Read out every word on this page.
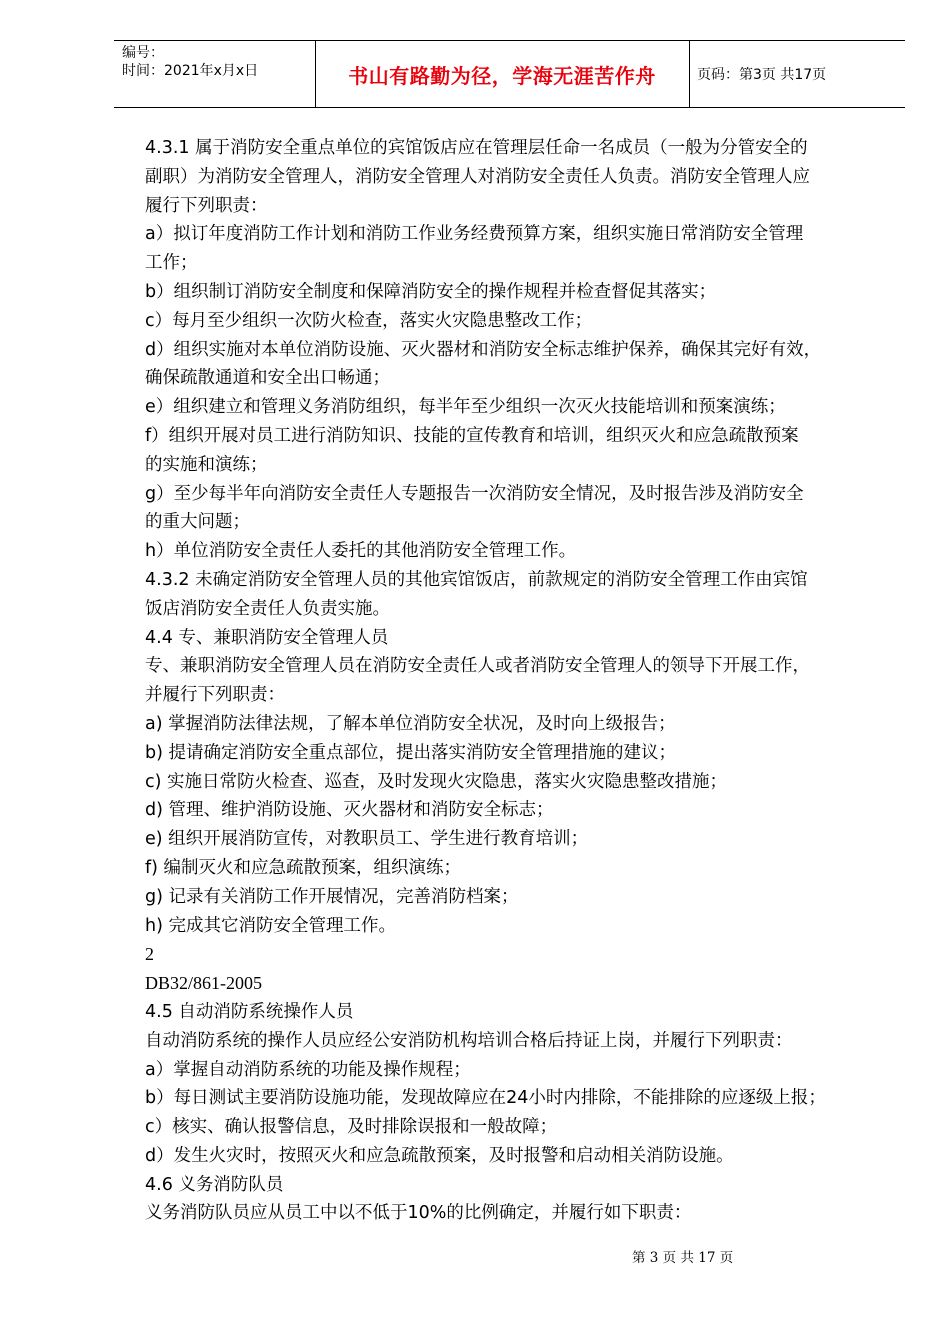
编号：
时间：2021年x月x日	书山有路勤为径，学海无涯苦作舟	页码：第3页 共17页
4.3.1 属于消防安全重点单位的宾馆饭店应在管理层任命一名成员（一般为分管安全的
副职）为消防安全管理人，消防安全管理人对消防安全责任人负责。消防安全管理人应
履行下列职责：
a）拟订年度消防工作计划和消防工作业务经费预算方案，组织实施日常消防安全管理
工作；
b）组织制订消防安全制度和保障消防安全的操作规程并检查督促其落实；
c）每月至少组织一次防火检查，落实火灾隐患整改工作；
d）组织实施对本单位消防设施、灭火器材和消防安全标志维护保养，确保其完好有效，
确保疏散通道和安全出口畅通；
e）组织建立和管理义务消防组织，每半年至少组织一次灭火技能培训和预案演练；
f）组织开展对员工进行消防知识、技能的宣传教育和培训，组织灭火和应急疏散预案
的实施和演练；
g）至少每半年向消防安全责任人专题报告一次消防安全情况，及时报告涉及消防安全
的重大问题；
h）单位消防安全责任人委托的其他消防安全管理工作。
4.3.2 未确定消防安全管理人员的其他宾馆饭店，前款规定的消防安全管理工作由宾馆
饭店消防安全责任人负责实施。
4.4 专、兼职消防安全管理人员
专、兼职消防安全管理人员在消防安全责任人或者消防安全管理人的领导下开展工作，
并履行下列职责：
a) 掌握消防法律法规，了解本单位消防安全状况，及时向上级报告；
b) 提请确定消防安全重点部位，提出落实消防安全管理措施的建议；
c) 实施日常防火检查、巡查，及时发现火灾隐患，落实火灾隐患整改措施；
d) 管理、维护消防设施、灭火器材和消防安全标志；
e) 组织开展消防宣传，对教职员工、学生进行教育培训；
f) 编制灭火和应急疏散预案，组织演练；
g) 记录有关消防工作开展情况，完善消防档案；
h) 完成其它消防安全管理工作。
2
DB32/861-2005
4.5 自动消防系统操作人员
自动消防系统的操作人员应经公安消防机构培训合格后持证上岗，并履行下列职责：
a）掌握自动消防系统的功能及操作规程；
b）每日测试主要消防设施功能，发现故障应在24小时内排除，不能排除的应逐级上报；
c）核实、确认报警信息，及时排除误报和一般故障；
d）发生火灾时，按照灭火和应急疏散预案，及时报警和启动相关消防设施。
4.6 义务消防队员
义务消防队员应从员工中以不低于10%的比例确定，并履行如下职责：
第 3 页 共 17 页
